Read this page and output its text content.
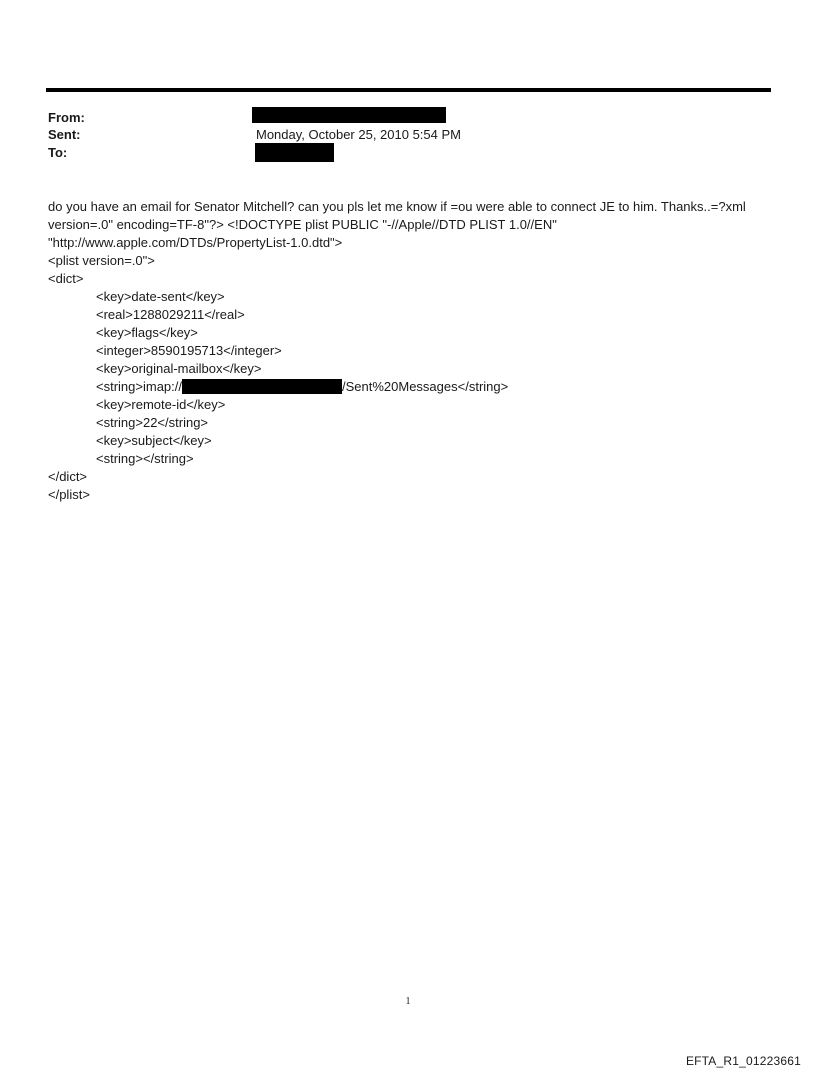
From:
Sent:	Monday, October 25, 2010 5:54 PM
To:
do you have an email for Senator Mitchell? can you pls let me know if =ou were able to connect JE to him. Thanks..=?xml
version=.0" encoding=TF-8"?> <!DOCTYPE plist PUBLIC "-//Apple//DTD PLIST 1.0//EN"
"http://www.apple.com/DTDs/PropertyList-1.0.dtd">
<plist version=.0">
<dict>
<key>date-sent</key>
<real>1288029211</real>
<key>flags</key>
<integer>8590195713</integer>
<key>original-mailbox</key>
<string>imap://	/Sent%20Messages</string>
<key>remote-id</key>
<string>22</string>
<key>subject</key>
<string></string>
</dict>
</plist>
1
EFTA_R1_01223661
